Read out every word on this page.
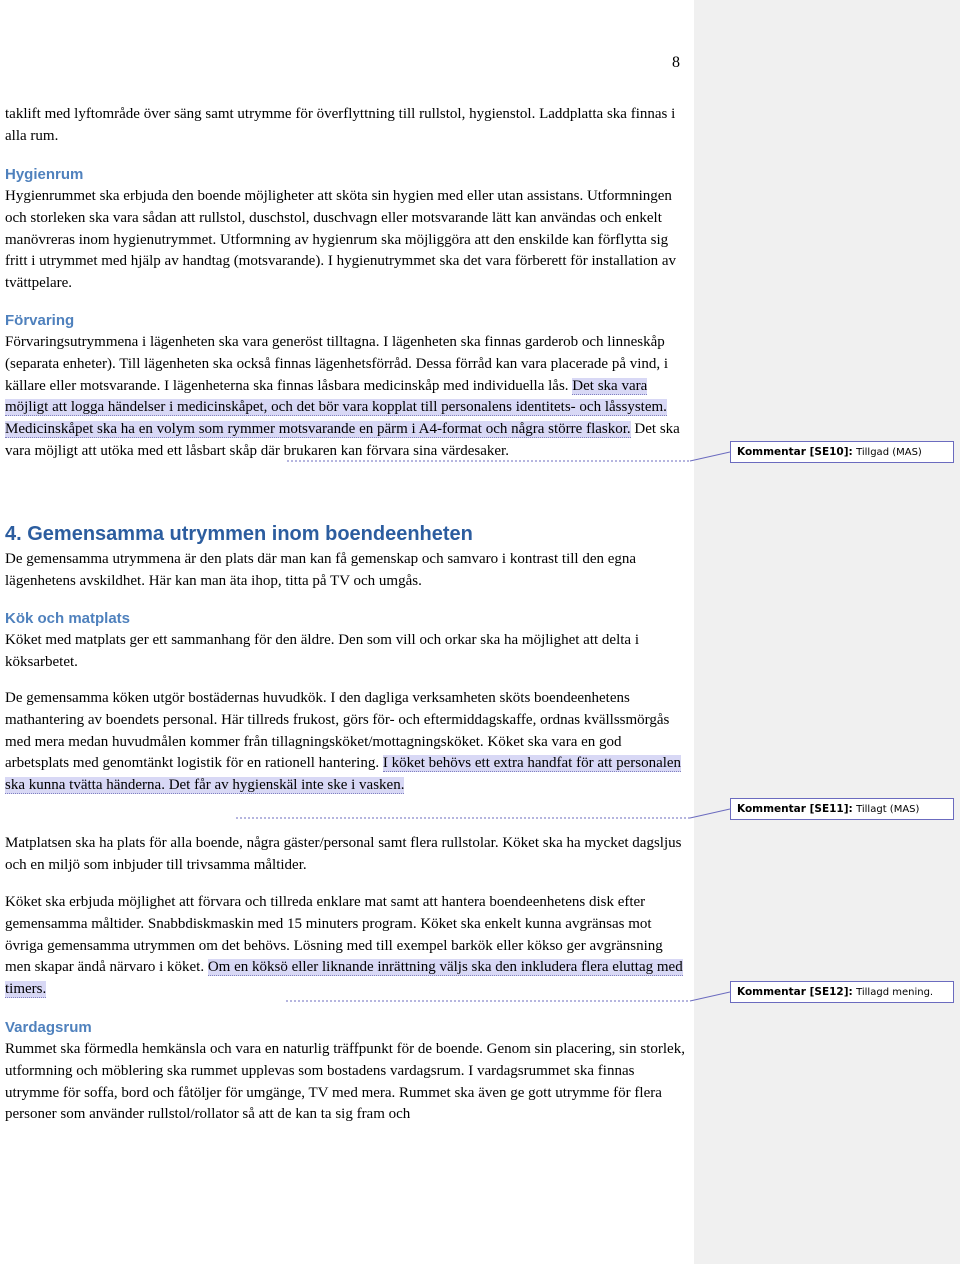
8

taklift med lyftområde över säng samt utrymme för överflyttning till rullstol, hygienstol. Laddplatta ska finnas i alla rum.

Hygienrum

Hygienrummet ska erbjuda den boende möjligheter att sköta sin hygien med eller utan assistans. Utformningen och storleken ska vara sådan att rullstol, duschstol, duschvagn eller motsvarande lätt kan användas och enkelt manövreras inom hygienutrymmet. Utformning av hygienrum ska möjliggöra att den enskilde kan förflytta sig fritt i utrymmet med hjälp av handtag (motsvarande). I hygienutrymmet ska det vara förberett för installation av tvättpelare.

Förvaring

Förvaringsutrymmena i lägenheten ska vara generöst tilltagna. I lägenheten ska finnas garderob och linneskåp (separata enheter). Till lägenheten ska också finnas lägenhetsförråd. Dessa förråd kan vara placerade på vind, i källare eller motsvarande. I lägenheterna ska finnas låsbara medicinskåp med individuella lås. Det ska vara möjligt att logga händelser i medicinskåpet, och det bör vara kopplat till personalens identitets- och låssystem. Medicinskåpet ska ha en volym som rymmer motsvarande en pärm i A4-format och några större flaskor. Det ska vara möjligt att utöka med ett låsbart skåp där brukaren kan förvara sina värdesaker.

4. Gemensamma utrymmen inom boendeenheten

De gemensamma utrymmena är den plats där man kan få gemenskap och samvaro i kontrast till den egna lägenhetens avskildhet. Här kan man äta ihop, titta på TV och umgås.

Kök och matplats

Köket med matplats ger ett sammanhang för den äldre. Den som vill och orkar ska ha möjlighet att delta i köksarbetet.

De gemensamma köken utgör bostädernas huvudkök. I den dagliga verksamheten sköts boendeenhetens mathantering av boendets personal. Här tillreds frukost, görs för- och eftermiddagskaffe, ordnas kvällssmörgås med mera medan huvudmålen kommer från tillagningsköket/mottagningsköket. Köket ska vara en god arbetsplats med genomtänkt logistik för en rationell hantering. I köket behövs ett extra handfat för att personalen ska kunna tvätta händerna. Det får av hygienskäl inte ske i vasken.

Matplatsen ska ha plats för alla boende, några gäster/personal samt flera rullstolar. Köket ska ha mycket dagsljus och en miljö som inbjuder till trivsamma måltider.

Köket ska erbjuda möjlighet att förvara och tillreda enklare mat samt att hantera boendeenhetens disk efter gemensamma måltider. Snabbdiskmaskin med 15 minuters program. Köket ska enkelt kunna avgränsas mot övriga gemensamma utrymmen om det behövs. Lösning med till exempel barkök eller kökso ger avgränsning men skapar ändå närvaro i köket. Om en köksö eller liknande inrättning väljs ska den inkludera flera eluttag med timers.

Vardagsrum

Rummet ska förmedla hemkänsla och vara en naturlig träffpunkt för de boende. Genom sin placering, sin storlek, utformning och möblering ska rummet upplevas som bostadens vardagsrum. I vardagsrummet ska finnas utrymme för soffa, bord och fåtöljer för umgänge, TV med mera. Rummet ska även ge gott utrymme för flera personer som använder rullstol/rollator så att de kan ta sig fram och

Kommentar [SE10]: Tillgad (MAS)
Kommentar [SE11]: Tillagt (MAS)
Kommentar [SE12]: Tillagd mening.
